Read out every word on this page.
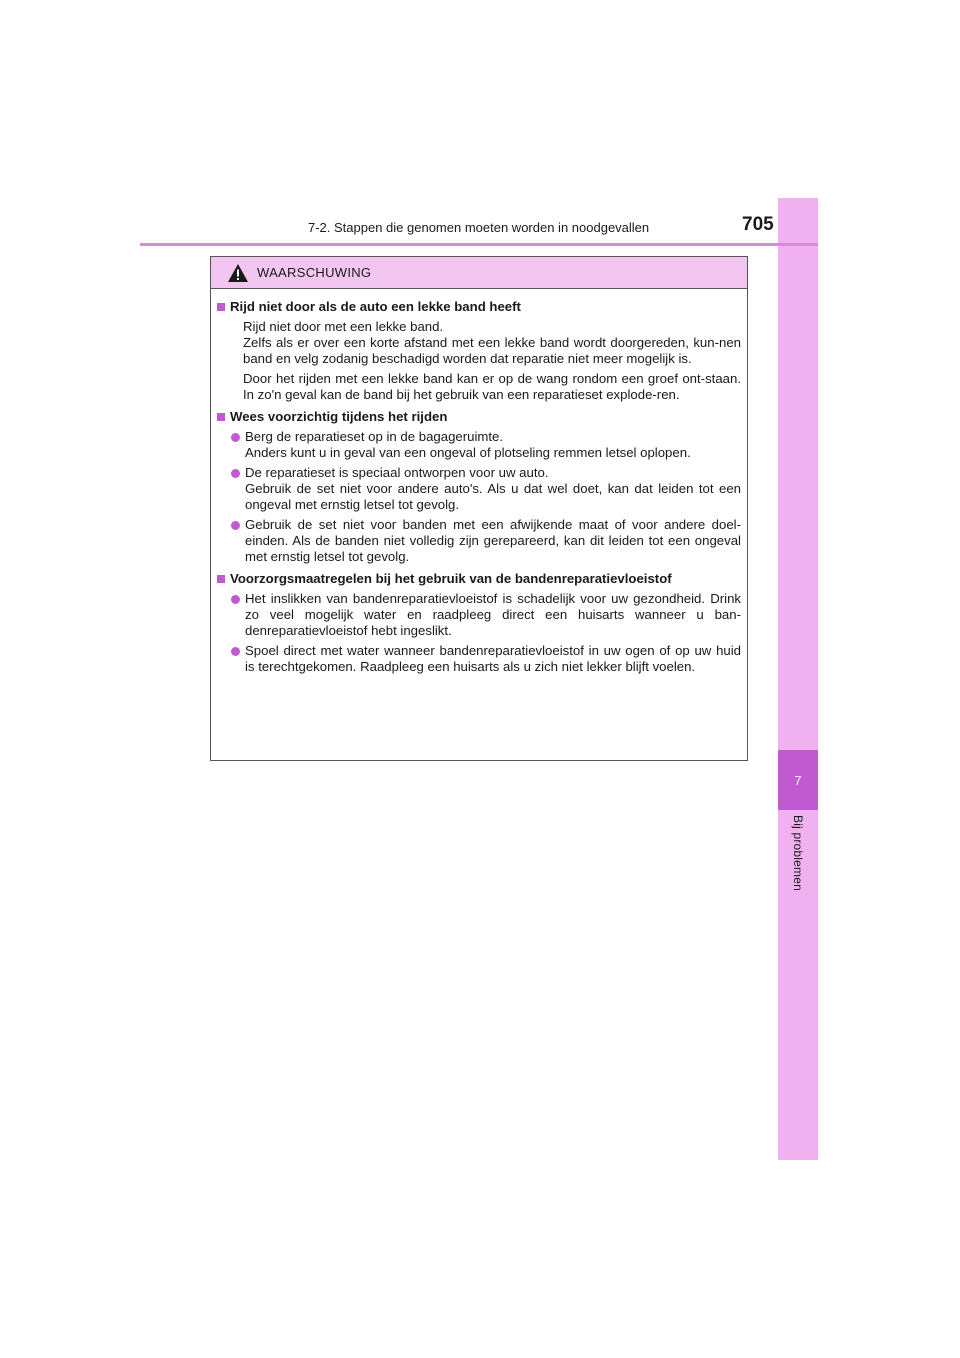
7
Bij problemen
7-2. Stappen die genomen moeten worden in noodgevallen	705
WAARSCHUWING
Rijd niet door als de auto een lekke band heeft
Rijd niet door met een lekke band.
Zelfs als er over een korte afstand met een lekke band wordt doorgereden, kun-nen band en velg zodanig beschadigd worden dat reparatie niet meer mogelijk is.
Door het rijden met een lekke band kan er op de wang rondom een groef ont-staan. In zo'n geval kan de band bij het gebruik van een reparatieset explode-ren.
Wees voorzichtig tijdens het rijden
Berg de reparatieset op in de bagageruimte.
Anders kunt u in geval van een ongeval of plotseling remmen letsel oplopen.
De reparatieset is speciaal ontworpen voor uw auto.
Gebruik de set niet voor andere auto's. Als u dat wel doet, kan dat leiden tot een ongeval met ernstig letsel tot gevolg.
Gebruik de set niet voor banden met een afwijkende maat of voor andere doel-einden. Als de banden niet volledig zijn gerepareerd, kan dit leiden tot een ongeval met ernstig letsel tot gevolg.
Voorzorgsmaatregelen bij het gebruik van de bandenreparatievloeistof
Het inslikken van bandenreparatievloeistof is schadelijk voor uw gezondheid. Drink zo veel mogelijk water en raadpleeg direct een huisarts wanneer u ban-denreparatievloeistof hebt ingeslikt.
Spoel direct met water wanneer bandenreparatievloeistof in uw ogen of op uw huid is terechtgekomen. Raadpleeg een huisarts als u zich niet lekker blijft voelen.
